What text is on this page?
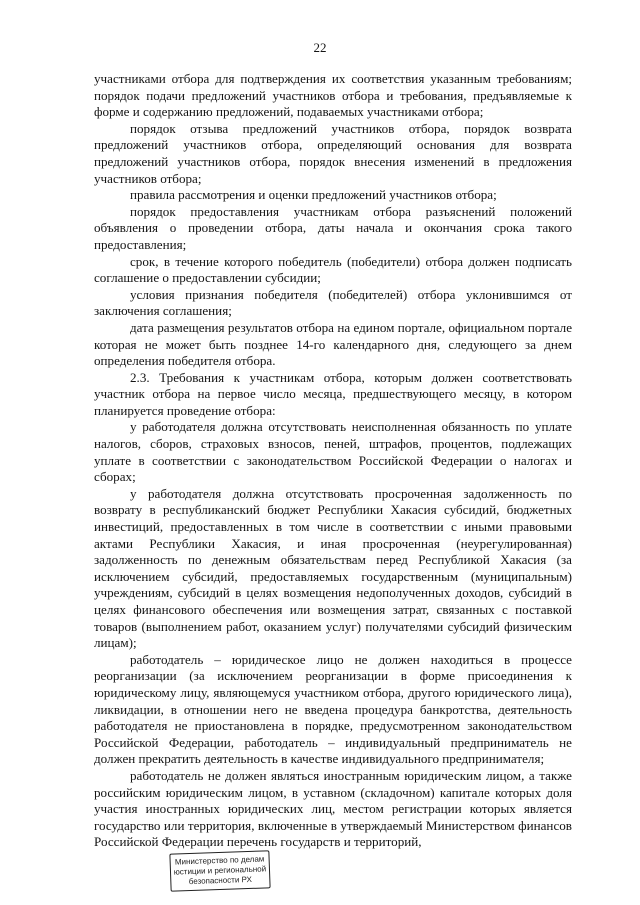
22

участниками отбора для подтверждения их соответствия указанным требованиям; порядок подачи предложений участников отбора и требования, предъявляемые к форме и содержанию предложений, подаваемых участниками отбора;

порядок отзыва предложений участников отбора, порядок возврата предложений участников отбора, определяющий основания для возврата предложений участников отбора, порядок внесения изменений в предложения участников отбора;

правила рассмотрения и оценки предложений участников отбора;

порядок предоставления участникам отбора разъяснений положений объявления о проведении отбора, даты начала и окончания срока такого предоставления;

срок, в течение которого победитель (победители) отбора должен подписать соглашение о предоставлении субсидии;

условия признания победителя (победителей) отбора уклонившимся от заключения соглашения;

дата размещения результатов отбора на едином портале, официальном портале которая не может быть позднее 14-го календарного дня, следующего за днем определения победителя отбора.

2.3. Требования к участникам отбора, которым должен соответствовать участник отбора на первое число месяца, предшествующего месяцу, в котором планируется проведение отбора:

у работодателя должна отсутствовать неисполненная обязанность по уплате налогов, сборов, страховых взносов, пеней, штрафов, процентов, подлежащих уплате в соответствии с законодательством Российской Федерации о налогах и сборах;

у работодателя должна отсутствовать просроченная задолженность по возврату в республиканский бюджет Республики Хакасия субсидий, бюджетных инвестиций, предоставленных в том числе в соответствии с иными правовыми актами Республики Хакасия, и иная просроченная (неурегулированная) задолженность по денежным обязательствам перед Республикой Хакасия (за исключением субсидий, предоставляемых государственным (муниципальным) учреждениям, субсидий в целях возмещения недополученных доходов, субсидий в целях финансового обеспечения или возмещения затрат, связанных с поставкой товаров (выполнением работ, оказанием услуг) получателями субсидий физическим лицам);

работодатель – юридическое лицо не должен находиться в процессе реорганизации (за исключением реорганизации в форме присоединения к юридическому лицу, являющемуся участником отбора, другого юридического лица), ликвидации, в отношении него не введена процедура банкротства, деятельность работодателя не приостановлена в порядке, предусмотренном законодательством Российской Федерации, работодатель – индивидуальный предприниматель не должен прекратить деятельность в качестве индивидуального предпринимателя;

работодатель не должен являться иностранным юридическим лицом, а также российским юридическим лицом, в уставном (складочном) капитале которых доля участия иностранных юридических лиц, местом регистрации которых является государство или территория, включенные в утверждаемый Министерством финансов Российской Федерации перечень государств и территорий,

Министерство по делам
юстиции и региональной
безопасности РХ
